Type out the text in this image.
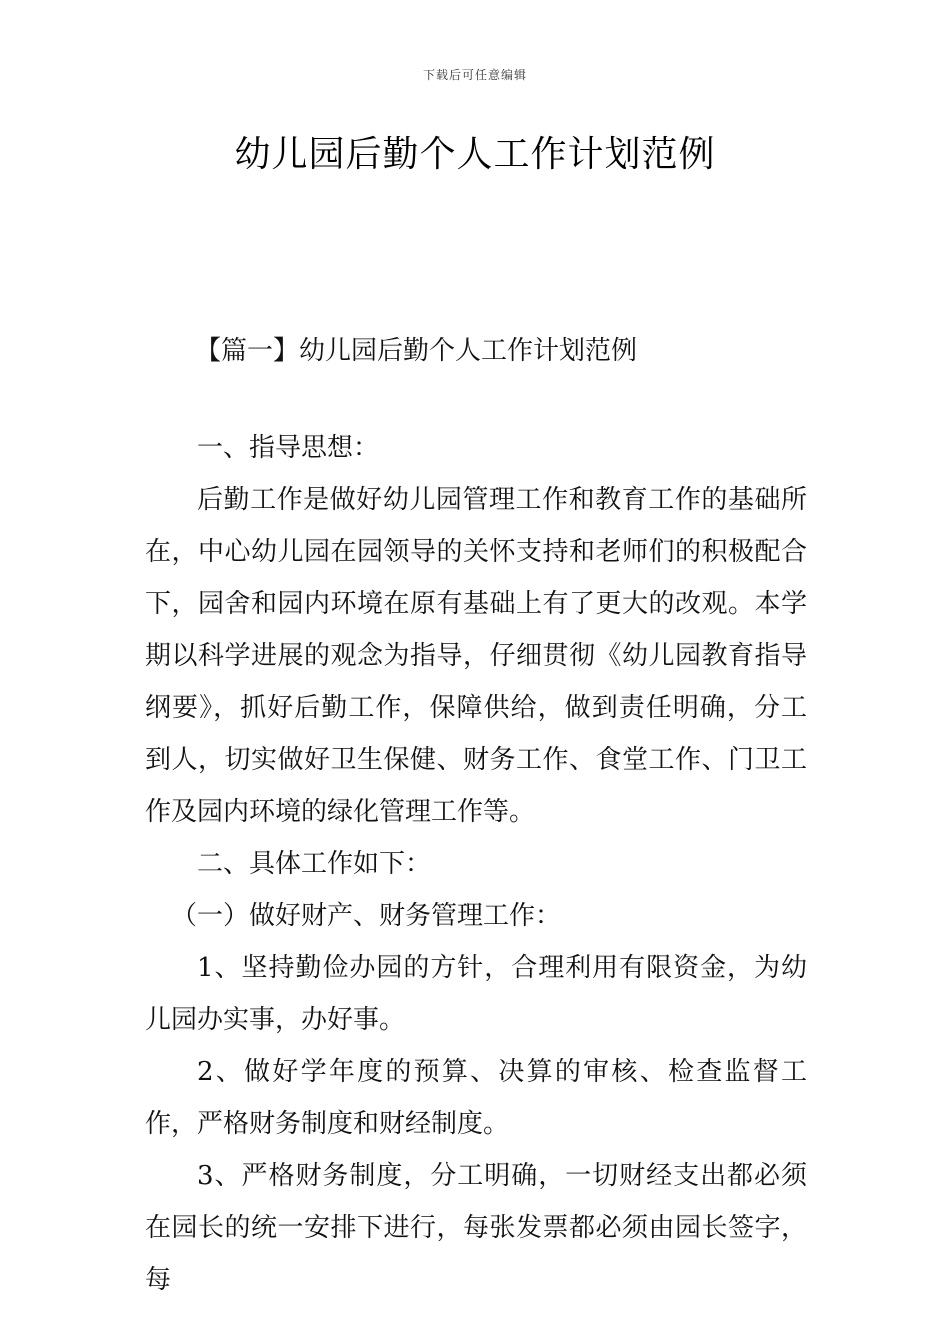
下载后可任意编辑
幼儿园后勤个人工作计划范例
【篇一】幼儿园后勤个人工作计划范例

一、指导思想：

后勤工作是做好幼儿园管理工作和教育工作的基础所在，中心幼儿园在园领导的关怀支持和老师们的积极配合下，园舍和园内环境在原有基础上有了更大的改观。本学期以科学进展的观念为指导，仔细贯彻《幼儿园教育指导纲要》，抓好后勤工作，保障供给，做到责任明确，分工到人，切实做好卫生保健、财务工作、食堂工作、门卫工作及园内环境的绿化管理工作等。

二、具体工作如下：

（一）做好财产、财务管理工作：

1、坚持勤俭办园的方针，合理利用有限资金，为幼儿园办实事，办好事。

2、做好学年度的预算、决算的审核、检查监督工作，严格财务制度和财经制度。

3、严格财务制度，分工明确，一切财经支出都必须在园长的统一安排下进行，每张发票都必须由园长签字，每
